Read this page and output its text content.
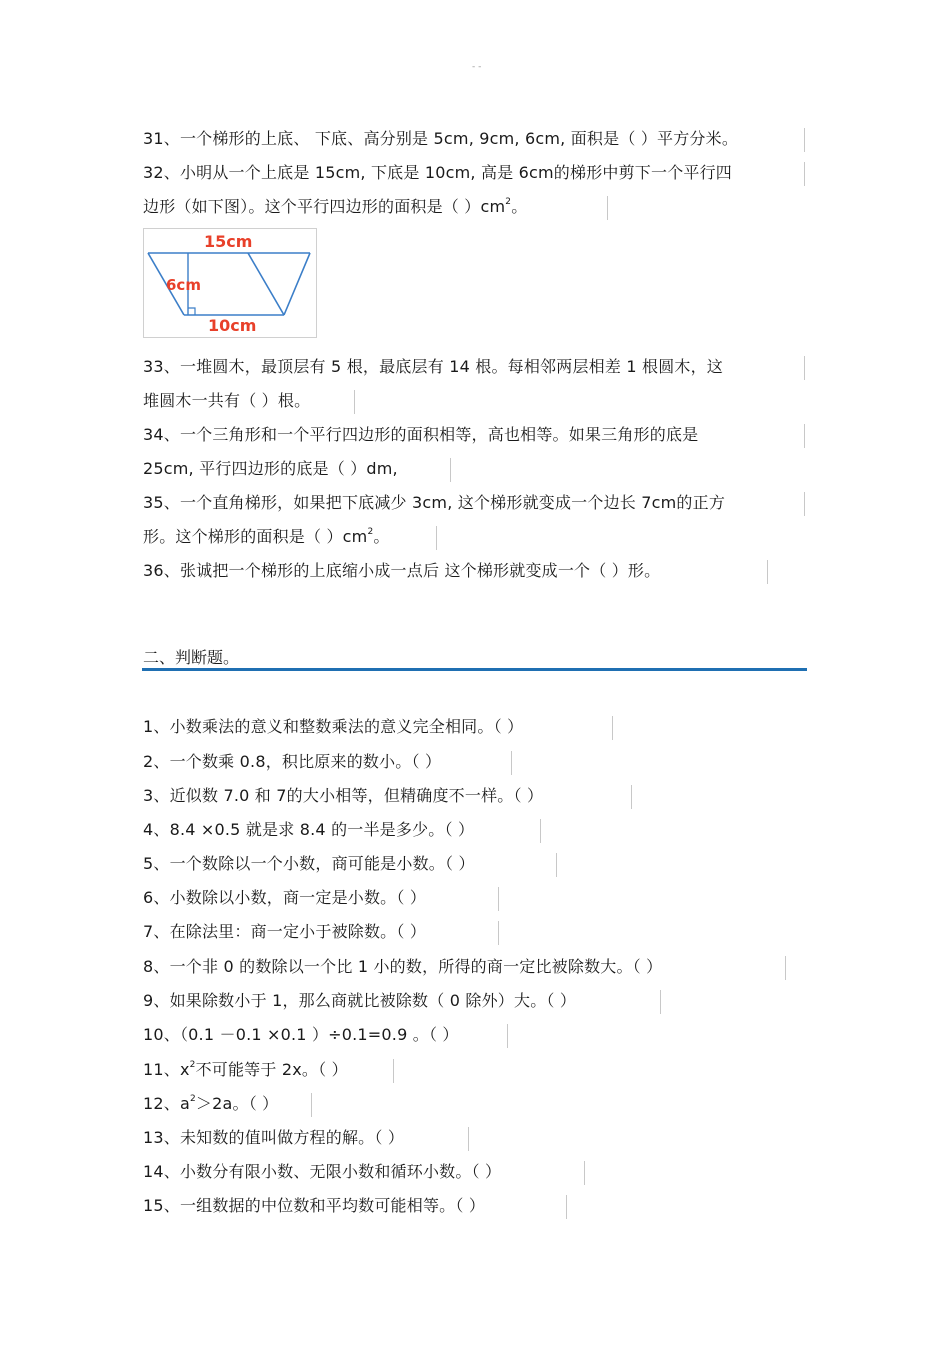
- -
31、一个梯形的上底、 下底、高分别是 5cm, 9cm, 6cm, 面积是（ ）平方分米。
32、小明从一个上底是 15cm, 下底是 10cm, 高是 6cm的梯形中剪下一个平行四
边形（如下图）。这个平行四边形的面积是（ ）$cm^2$。
15cm
6cm
10cm
33、一堆圆木，最顶层有 5 根，最底层有 14 根。每相邻两层相差 1 根圆木，这
堆圆木一共有（ ）根。
34、一个三角形和一个平行四边形的面积相等，高也相等。如果三角形的底是
25cm, 平行四边形的底是（ ）dm,
35、一个直角梯形，如果把下底减少 3cm, 这个梯形就变成一个边长 7cm的正方
形。这个梯形的面积是（ ）$cm^2$。
36、张诚把一个梯形的上底缩小成一点后 这个梯形就变成一个（ ）形。
二、判断题。
1、小数乘法的意义和整数乘法的意义完全相同。（ ）
2、一个数乘 0.8，积比原来的数小。（ ）
3、近似数 7.0 和 7的大小相等，但精确度不一样。（ ）
4、8.4 ×0.5 就是求 8.4 的一半是多少。（ ）
5、一个数除以一个小数，商可能是小数。（ ）
6、小数除以小数，商一定是小数。（ ）
7、在除法里：商一定小于被除数。（ ）
8、一个非 0 的数除以一个比 1 小的数，所得的商一定比被除数大。（ ）
9、如果除数小于 1，那么商就比被除数（ 0 除外）大。（ ）
10、（0.1 －0.1 ×0.1 ）÷0.1=0.9 。（ ）
11、$x^2$不可能等于 2x。（ ）
12、$a^2>2a$。（ ）
13、未知数的值叫做方程的解。（ ）
14、小数分有限小数、无限小数和循环小数。（ ）
15、一组数据的中位数和平均数可能相等。（ ）
